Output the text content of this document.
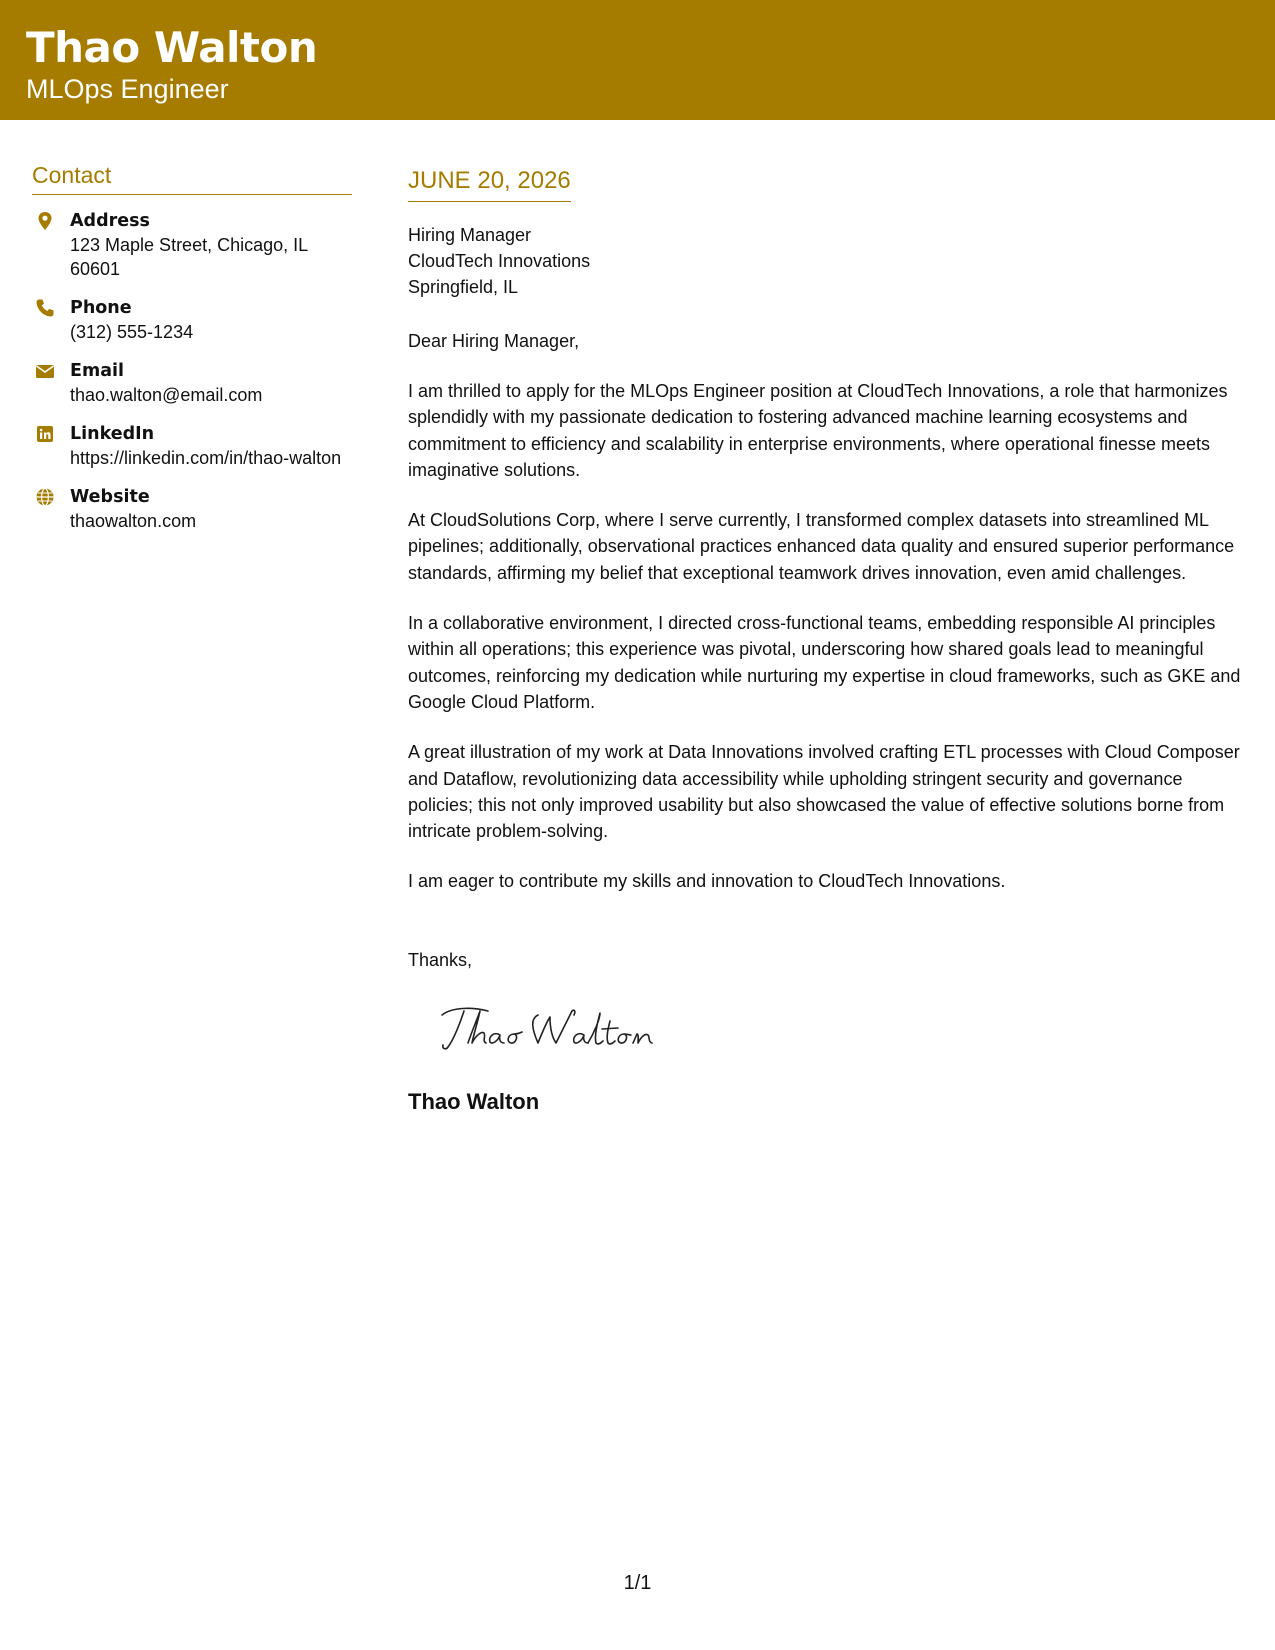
Thao Walton
MLOps Engineer
Contact
Address
123 Maple Street, Chicago, IL 60601
Phone
(312) 555-1234
Email
thao.walton@email.com
LinkedIn
https://linkedin.com/in/thao-walton
Website
thaowalton.com
JUNE 20, 2026
Hiring Manager
CloudTech Innovations
Springfield, IL
Dear Hiring Manager,
I am thrilled to apply for the MLOps Engineer position at CloudTech Innovations, a role that harmonizes splendidly with my passionate dedication to fostering advanced machine learning ecosystems and commitment to efficiency and scalability in enterprise environments, where operational finesse meets imaginative solutions.
At CloudSolutions Corp, where I serve currently, I transformed complex datasets into streamlined ML pipelines; additionally, observational practices enhanced data quality and ensured superior performance standards, affirming my belief that exceptional teamwork drives innovation, even amid challenges.
In a collaborative environment, I directed cross-functional teams, embedding responsible AI principles within all operations; this experience was pivotal, underscoring how shared goals lead to meaningful outcomes, reinforcing my dedication while nurturing my expertise in cloud frameworks, such as GKE and Google Cloud Platform.
A great illustration of my work at Data Innovations involved crafting ETL processes with Cloud Composer and Dataflow, revolutionizing data accessibility while upholding stringent security and governance policies; this not only improved usability but also showcased the value of effective solutions borne from intricate problem-solving.
I am eager to contribute my skills and innovation to CloudTech Innovations.
Thanks,
Thao Walton
1/1
